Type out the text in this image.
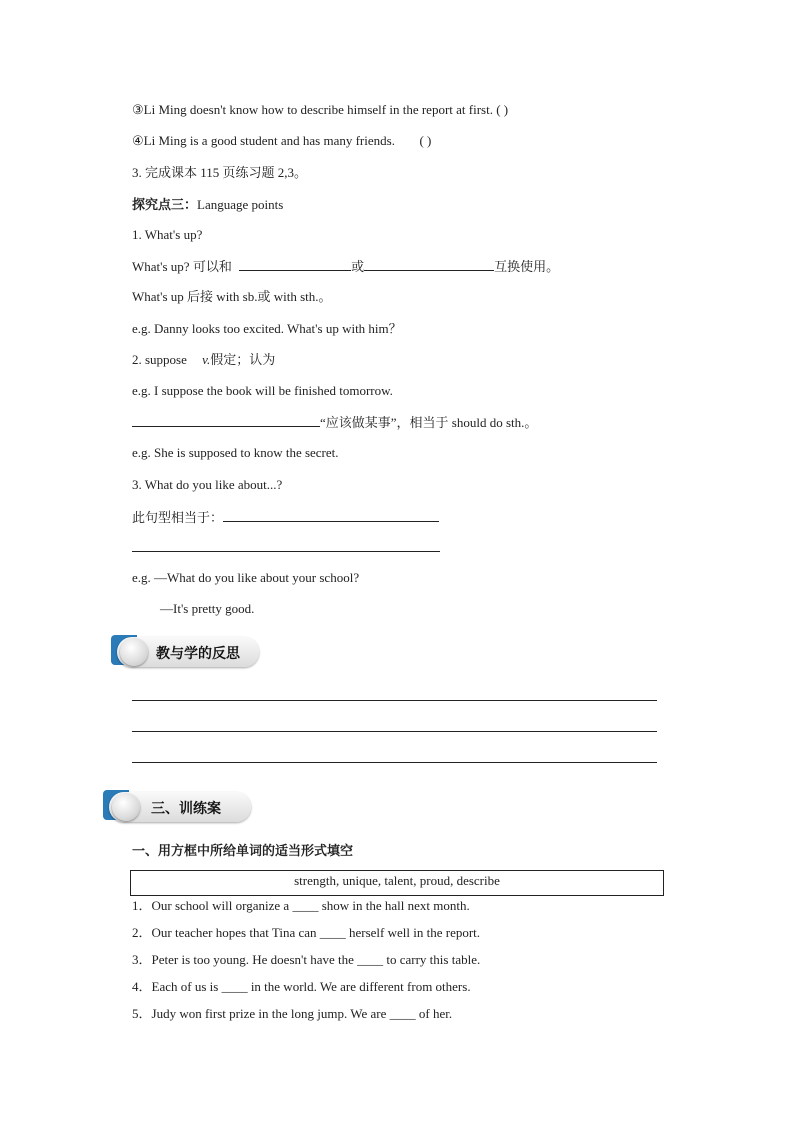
③Li Ming doesn't know how to describe himself in the report at first. ( )
④Li Ming is a good student and has many friends. ( )
3. 完成课本 115 页练习题 2,3。
探究点三：Language points
1. What's up?
What's up? 可以和	或	互换使用。
What's up 后接 with sb.或 with sth.。
e.g. Danny looks too excited. What's up with him？
2. suppose v.假定；认为
e.g. I suppose the book will be finished tomorrow.
“应该做某事”，相当于 should do sth.。
e.g. She is supposed to know the secret.
3. What do you like about...?
此句型相当于：
e.g. —What do you like about your school?
—It's pretty good.
教与学的反思
三、训练案
一、用方框中所给单词的适当形式填空
strength, unique, talent, proud, describe
1．Our school will organize a ____ show in the hall next month.
2．Our teacher hopes that Tina can ____ herself well in the report.
3．Peter is too young. He doesn't have the ____ to carry this table.
4．Each of us is ____ in the world. We are different from others.
5．Judy won first prize in the long jump. We are ____ of her.
